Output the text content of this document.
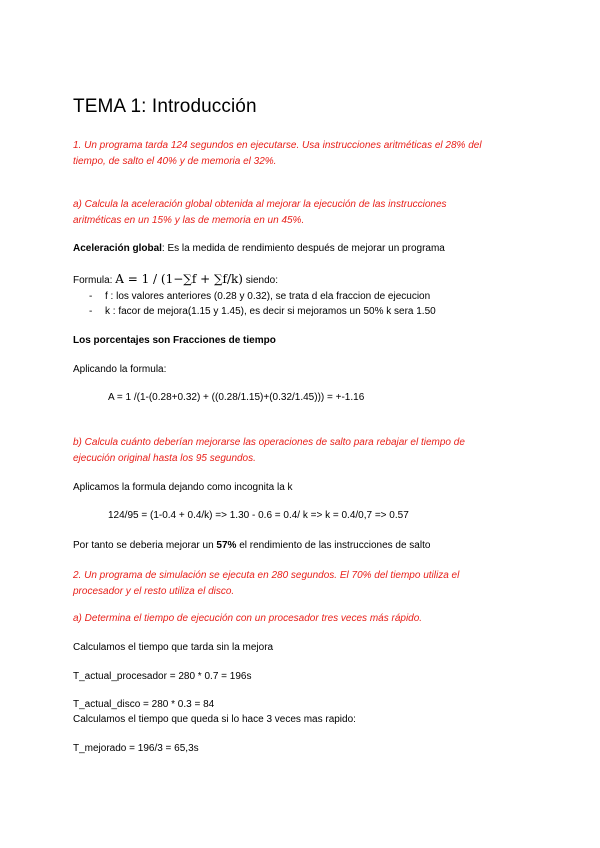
TEMA 1: Introducción
1. Un programa tarda 124 segundos en ejecutarse. Usa instrucciones aritméticas el 28% del
tiempo, de salto el 40% y de memoria el 32%.
a) Calcula la aceleración global obtenida al mejorar la ejecución de las instrucciones
aritméticas en un 15% y las de memoria en un 45%.
Aceleración global: Es la medida de rendimiento después de mejorar un programa
Formula: A = 1 / (1−∑f + ∑f/k) siendo:
- f : los valores anteriores (0.28 y 0.32), se trata d ela fraccion de ejecucion
- k : facor de mejora(1.15 y 1.45), es decir si mejoramos un 50% k sera 1.50
Los porcentajes son Fracciones de tiempo
Aplicando la formula:
A = 1 /(1-(0.28+0.32) + ((0.28/1.15)+(0.32/1.45))) = +-1.16
b) Calcula cuánto deberían mejorarse las operaciones de salto para rebajar el tiempo de
ejecución original hasta los 95 segundos.
Aplicamos la formula dejando como incognita la k
124/95 = (1-0.4 + 0.4/k) => 1.30 - 0.6 = 0.4/ k => k = 0.4/0,7 => 0.57
Por tanto se deberia mejorar un 57% el rendimiento de las instrucciones de salto
2. Un programa de simulación se ejecuta en 280 segundos. El 70% del tiempo utiliza el
procesador y el resto utiliza el disco.
a) Determina el tiempo de ejecución con un procesador tres veces más rápido.
Calculamos el tiempo que tarda sin la mejora
T_actual_procesador = 280 * 0.7 = 196s
T_actual_disco = 280 * 0.3 = 84
Calculamos el tiempo que queda si lo hace 3 veces mas rapido:
T_mejorado = 196/3 = 65,3s
